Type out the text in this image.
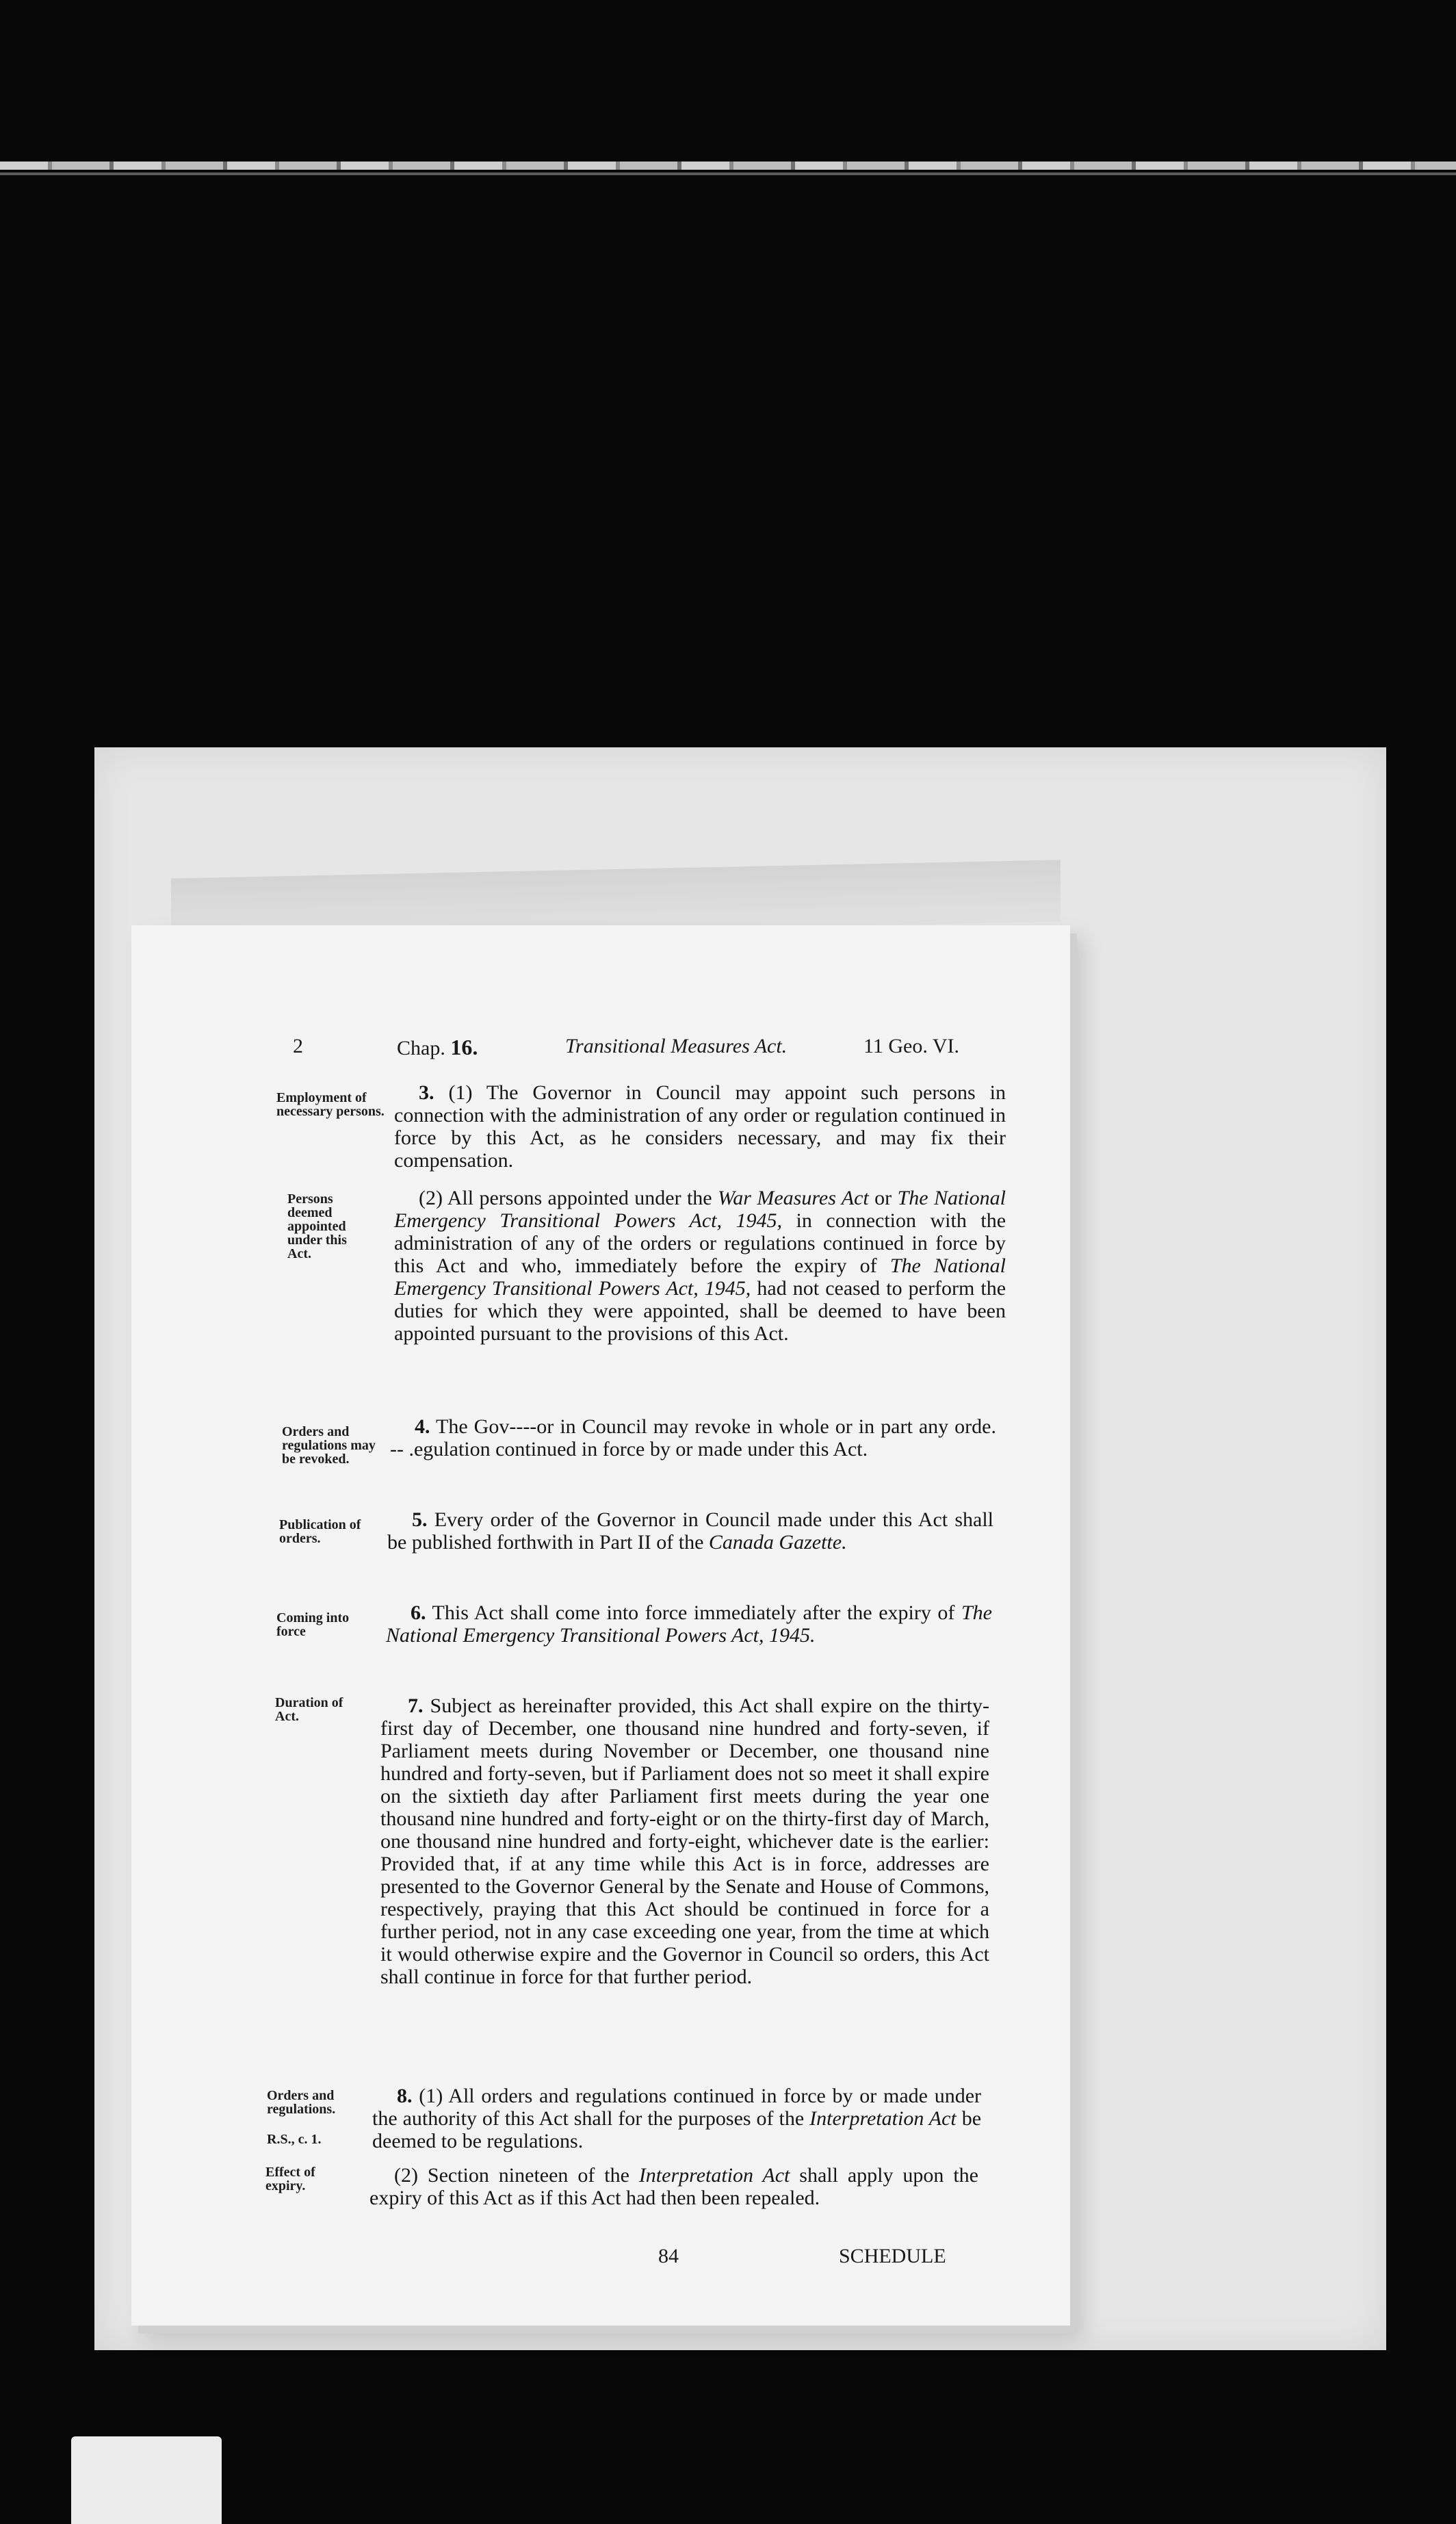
2	Chap. 16.	Transitional Measures Act.	11 Geo. VI.
Employment of necessary persons.
Persons deemed appointed under this Act.
Orders and regulations may be revoked.
Publication of orders.
Coming into force
Duration of Act.
Orders and regulations.
R.S., c. 1.
Effect of expiry.
3. (1) The Governor in Council may appoint such persons in connection with the administration of any order or regulation continued in force by this Act, as he considers necessary, and may fix their compensation.
(2) All persons appointed under the War Measures Act or The National Emergency Transitional Powers Act, 1945, in connection with the administration of any of the orders or regulations continued in force by this Act and who, immediately before the expiry of The National Emergency Transitional Powers Act, 1945, had not ceased to perform the duties for which they were appointed, shall be deemed to have been appointed pursuant to the provisions of this Act.
4. The Gov‑‑‑‑or in Council may revoke in whole or in part any orde. ‑‑ .egulation continued in force by or made under this Act.
5. Every order of the Governor in Council made under this Act shall be published forthwith in Part II of the Canada Gazette.
6. This Act shall come into force immediately after the expiry of The National Emergency Transitional Powers Act, 1945.
7. Subject as hereinafter provided, this Act shall expire on the thirty-first day of December, one thousand nine hundred and forty-seven, if Parliament meets during November or December, one thousand nine hundred and forty-seven, but if Parliament does not so meet it shall expire on the sixtieth day after Parliament first meets during the year one thousand nine hundred and forty-eight or on the thirty-first day of March, one thousand nine hundred and forty-eight, whichever date is the earlier: Provided that, if at any time while this Act is in force, addresses are presented to the Governor General by the Senate and House of Commons, respectively, praying that this Act should be continued in force for a further period, not in any case exceeding one year, from the time at which it would otherwise expire and the Governor in Council so orders, this Act shall continue in force for that further period.
8. (1) All orders and regulations continued in force by or made under the authority of this Act shall for the purposes of the Interpretation Act be deemed to be regulations.
(2) Section nineteen of the Interpretation Act shall apply upon the expiry of this Act as if this Act had then been repealed.
84	SCHEDULE
